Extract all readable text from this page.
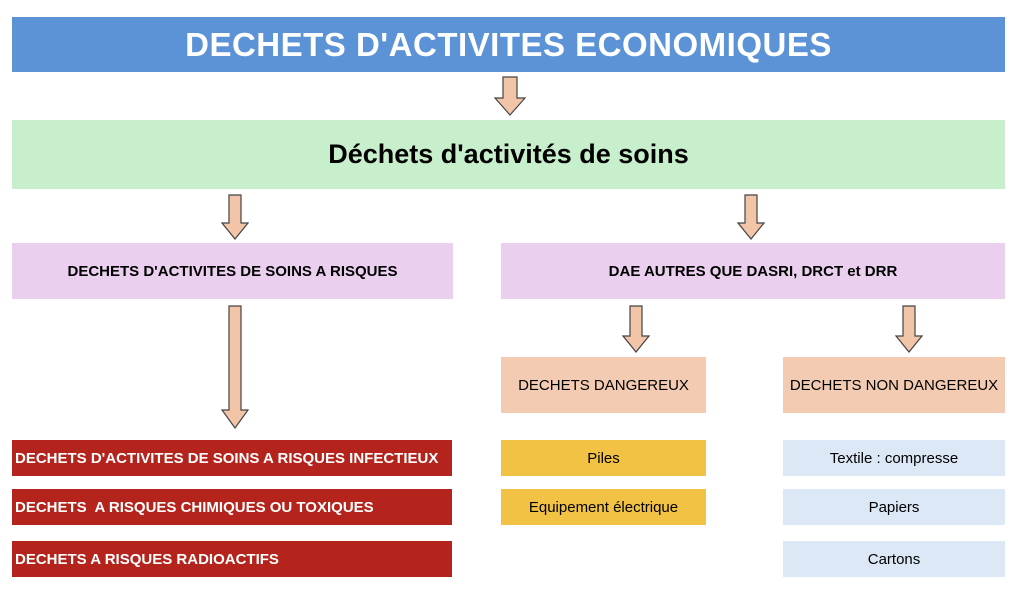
DECHETS D'ACTIVITES ECONOMIQUES
Déchets d'activités de soins
DECHETS D'ACTIVITES DE SOINS A RISQUES	DAE AUTRES QUE DASRI, DRCT et DRR
DECHETS DANGEREUX	DECHETS NON DANGEREUX
DECHETS D'ACTIVITES DE SOINS A RISQUES INFECTIEUX
DECHETS  A RISQUES CHIMIQUES OU TOXIQUES
DECHETS A RISQUES RADIOACTIFS
Piles
Equipement électrique
Textile : compresse
Papiers
Cartons
